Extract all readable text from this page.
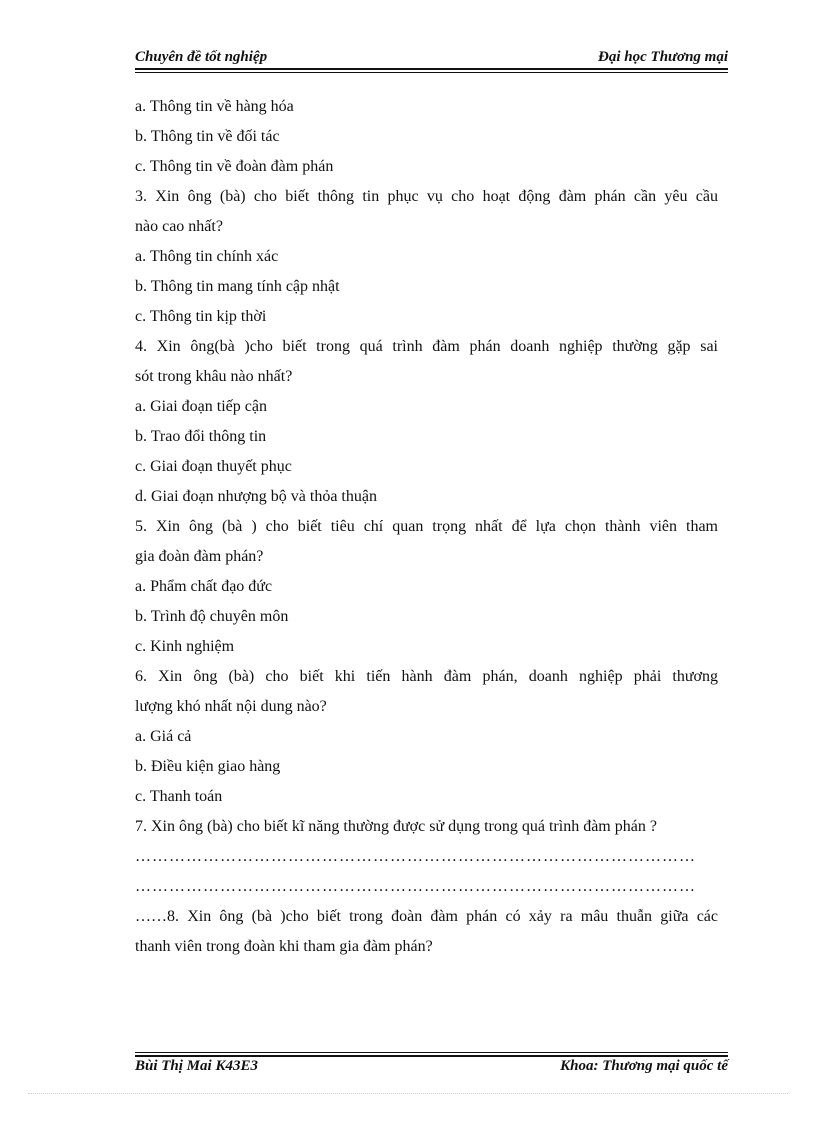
Chuyên đề tốt nghiệp	Đại học Thương mại
a. Thông tin về hàng hóa
b. Thông tin về đối tác
c. Thông tin về đoàn đàm phán
3. Xin ông (bà) cho biết thông tin phục vụ cho hoạt động đàm phán cần yêu cầu
nào cao nhất?
a. Thông tin chính xác
b. Thông tin mang tính cập nhật
c. Thông tin kịp thời
4. Xin ông(bà )cho biết trong quá trình đàm phán doanh nghiệp thường gặp sai
sót trong khâu nào nhất?
a. Giai đoạn tiếp cận
b. Trao đổi thông tin
c. Giai đoạn thuyết phục
d. Giai đoạn nhượng bộ và thỏa thuận
5. Xin ông (bà ) cho biết tiêu chí quan trọng nhất để lựa chọn thành viên tham
gia đoàn đàm phán?
a. Phẩm chất đạo đức
b. Trình độ chuyên môn
c. Kinh nghiệm
6. Xin ông (bà) cho biết khi tiến hành đàm phán, doanh nghiệp phải thương
lượng khó nhất nội dung nào?
a. Giá cả
b. Điều kiện giao hàng
c. Thanh toán
7. Xin ông (bà) cho biết kĩ năng thường được sử dụng trong quá trình đàm phán ?
………………………………………………………………………………………
………………………………………………………………………………………
……8. Xin ông (bà )cho biết trong đoàn đàm phán có xảy ra mâu thuẫn giữa các
thanh viên trong đoàn khi tham gia đàm phán?
Bùi Thị Mai K43E3	Khoa: Thương mại quốc tế
